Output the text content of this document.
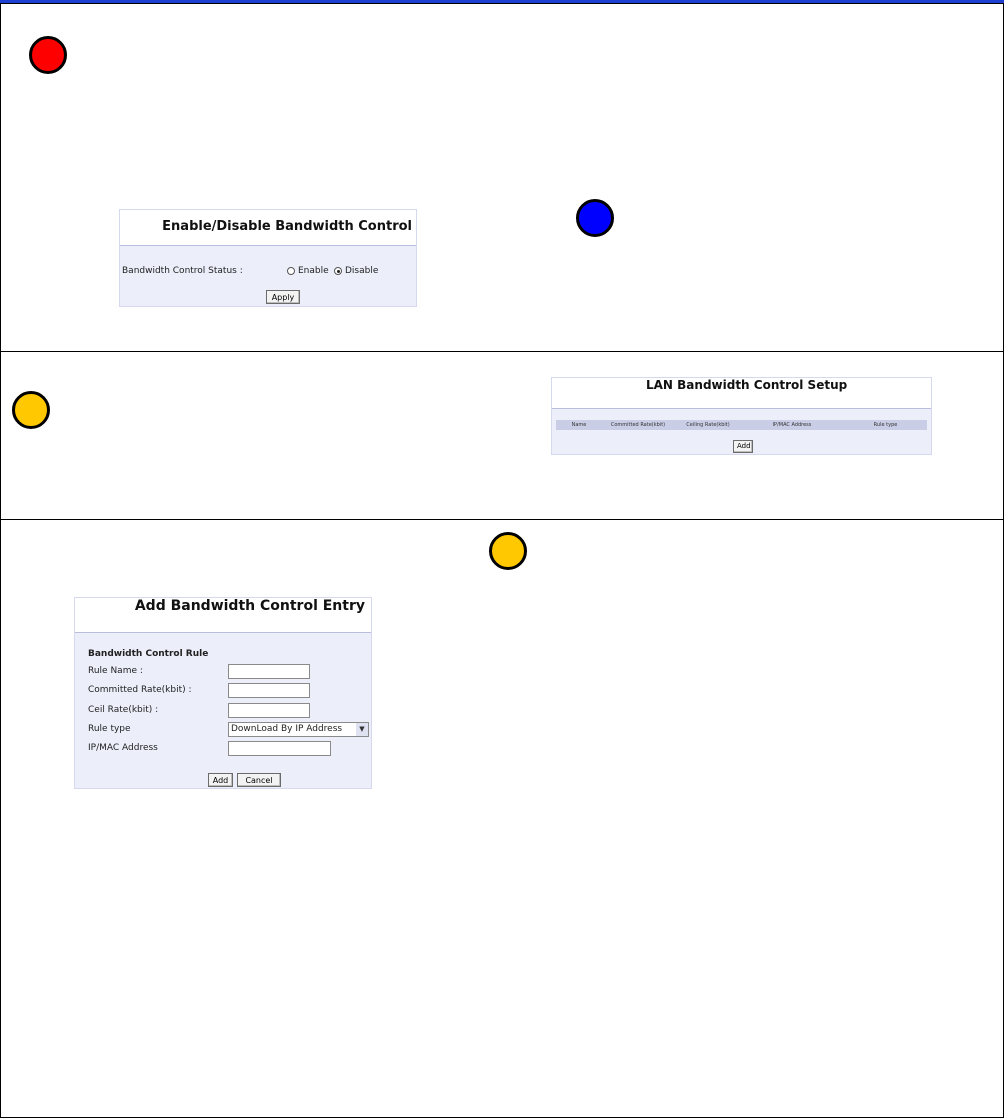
Enable/Disable Bandwidth Control
Bandwidth Control Status :	Enable Disable
Apply
LAN Bandwidth Control Setup
Name	Committed Rate(kbit)	Ceiling Rate(kbit)	IP/MAC Address	Rule type
Add
Add Bandwidth Control Entry
Bandwidth Control Rule
Rule Name :
Committed Rate(kbit) :
Ceil Rate(kbit) :
Rule type	DownLoad By IP Address	▼
IP/MAC Address
Add	Cancel
